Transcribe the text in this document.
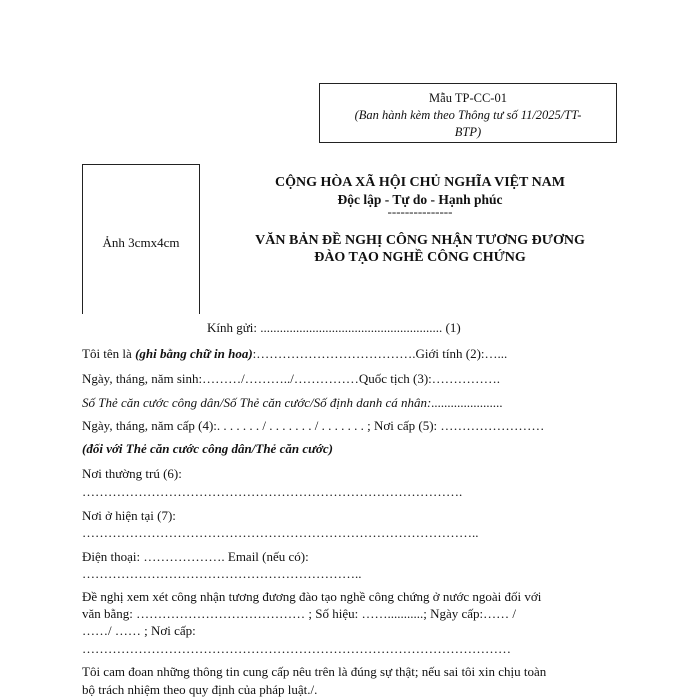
Mẫu TP-CC-01
(Ban hành kèm theo Thông tư số 11/2025/TT-
BTP)
Ảnh 3cmx4cm
CỘNG HÒA XÃ HỘI CHỦ NGHĨA VIỆT NAM
Độc lập - Tự do - Hạnh phúc
---------------
VĂN BẢN ĐỀ NGHỊ CÔNG NHẬN TƯƠNG ĐƯƠNG
ĐÀO TẠO NGHỀ CÔNG CHỨNG
Kính gửi: ........................................................ (1)
Tôi tên là (ghi bằng chữ in hoa):……………………………….Giới tính (2):…...
Ngày, tháng, năm sinh:………/………../……………Quốc tịch (3):…………….
Số Thẻ căn cước công dân/Số Thẻ căn cước/Số định danh cá nhân:......................
Ngày, tháng, năm cấp (4):. . . . . . . / . . . . . . . / . . . . . . . ; Nơi cấp (5): ……………………
(đối với Thẻ căn cước công dân/Thẻ căn cước)
Nơi thường trú (6):
…………………………………………………………………………….
Nơi ở hiện tại (7):
………………………………………………………………………………..
Điện thoại: ………………. Email (nếu có):
………………………………………………………..
Đề nghị xem xét công nhận tương đương đào tạo nghề công chứng ở nước ngoài đối với
văn bằng: ………………………………… ; Số hiệu: ……...........; Ngày cấp:…… /
……/ …… ; Nơi cấp:
………………………………………………………………………………………
Tôi cam đoan những thông tin cung cấp nêu trên là đúng sự thật; nếu sai tôi xin chịu toàn
bộ trách nhiệm theo quy định của pháp luật./.
